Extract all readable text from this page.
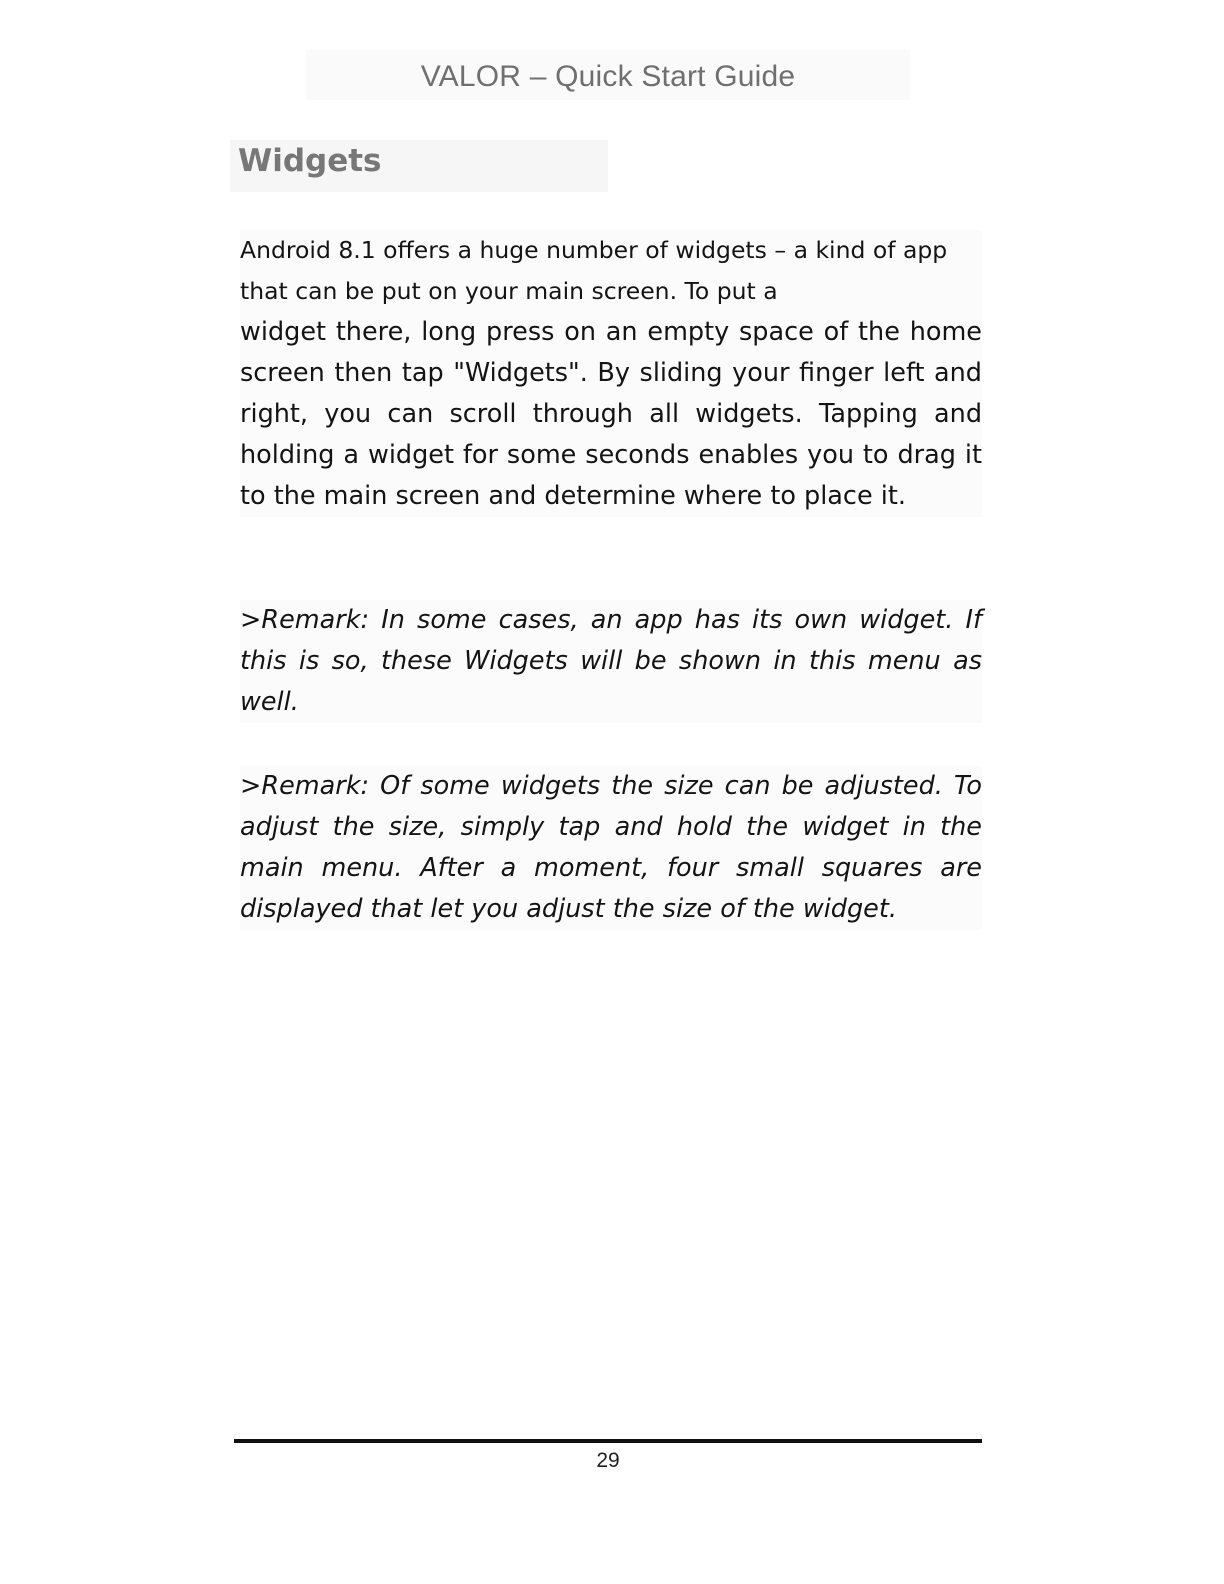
VALOR – Quick Start Guide
Widgets

Android 8.1 offers a huge number of widgets – a kind of app that can be put on your main screen. To put a

widget there, long press on an empty space of the home screen then tap "Widgets". By sliding your finger left and right, you can scroll through all widgets. Tapping and holding a widget for some seconds enables you to drag it to the main screen and determine where to place it.

>Remark: In some cases, an app has its own widget. If this is so, these Widgets will be shown in this menu as well.

>Remark: Of some widgets the size can be adjusted. To adjust the size, simply tap and hold the widget in the main menu. After a moment, four small squares are displayed that let you adjust the size of the widget.

29
